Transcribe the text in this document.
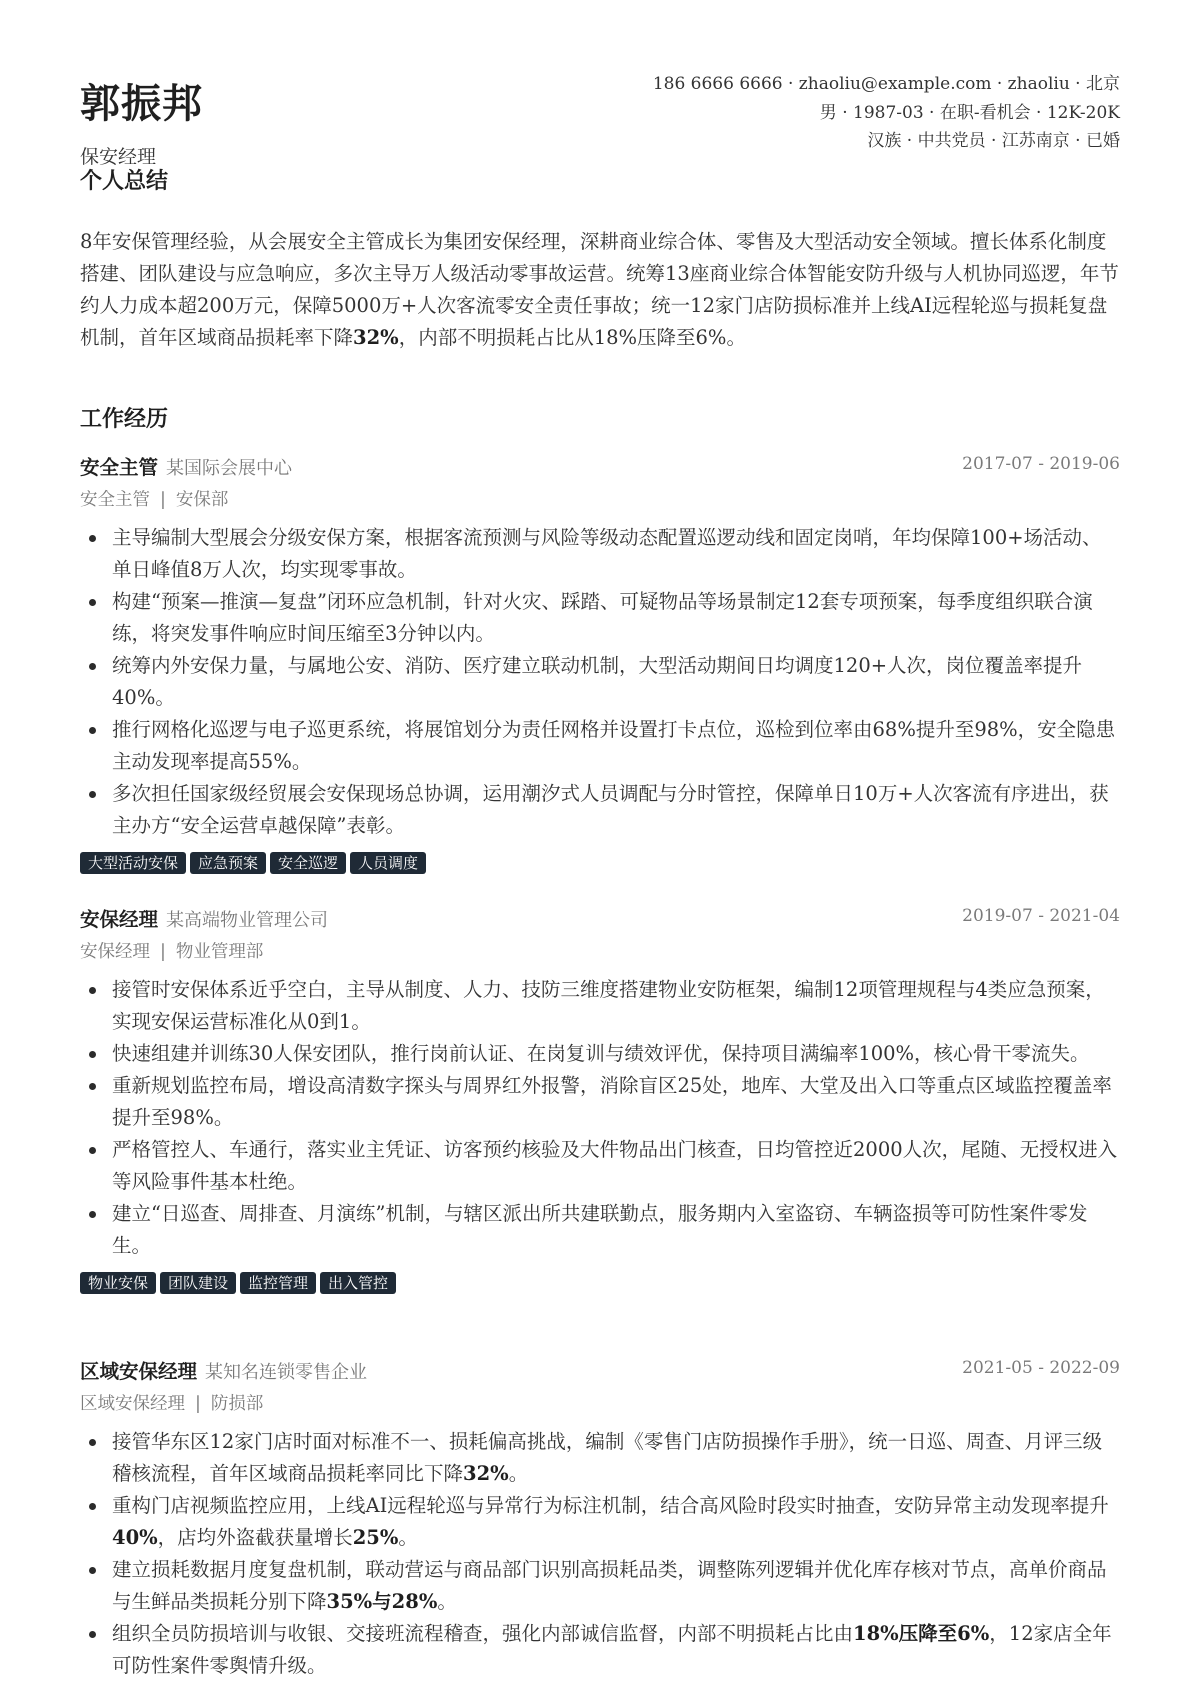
郭振邦
保安经理
186 6666 6666 · zhaoliu@example.com · zhaoliu · 北京
男 · 1987-03 · 在职-看机会 · 12K-20K
汉族 · 中共党员 · 江苏南京 · 已婚
个人总结
8年安保管理经验，从会展安全主管成长为集团安保经理，深耕商业综合体、零售及大型活动安全领域。擅长体系化制度搭建、团队建设与应急响应，多次主导万人级活动零事故运营。统筹13座商业综合体智能安防升级与人机协同巡逻，年节约人力成本超200万元，保障5000万+人次客流零安全责任事故；统一12家门店防损标准并上线AI远程轮巡与损耗复盘机制，首年区域商品损耗率下降32%，内部不明损耗占比从18%压降至6%。
工作经历
安全主管 某国际会展中心	2017-07 - 2019-06
安全主管 | 安保部
主导编制大型展会分级安保方案，根据客流预测与风险等级动态配置巡逻动线和固定岗哨，年均保障100+场活动、单日峰值8万人次，均实现零事故。
构建“预案—推演—复盘”闭环应急机制，针对火灾、踩踏、可疑物品等场景制定12套专项预案，每季度组织联合演练，将突发事件响应时间压缩至3分钟以内。
统筹内外安保力量，与属地公安、消防、医疗建立联动机制，大型活动期间日均调度120+人次，岗位覆盖率提升40%。
推行网格化巡逻与电子巡更系统，将展馆划分为责任网格并设置打卡点位，巡检到位率由68%提升至98%，安全隐患主动发现率提高55%。
多次担任国家级经贸展会安保现场总协调，运用潮汐式人员调配与分时管控，保障单日10万+人次客流有序进出，获主办方“安全运营卓越保障”表彰。
大型活动安保 应急预案 安全巡逻 人员调度
安保经理 某高端物业管理公司	2019-07 - 2021-04
安保经理 | 物业管理部
接管时安保体系近乎空白，主导从制度、人力、技防三维度搭建物业安防框架，编制12项管理规程与4类应急预案，实现安保运营标准化从0到1。
快速组建并训练30人保安团队，推行岗前认证、在岗复训与绩效评优，保持项目满编率100%，核心骨干零流失。
重新规划监控布局，增设高清数字探头与周界红外报警，消除盲区25处，地库、大堂及出入口等重点区域监控覆盖率提升至98%。
严格管控人、车通行，落实业主凭证、访客预约核验及大件物品出门核查，日均管控近2000人次，尾随、无授权进入等风险事件基本杜绝。
建立“日巡查、周排查、月演练”机制，与辖区派出所共建联勤点，服务期内入室盗窃、车辆盗损等可防性案件零发生。
物业安保 团队建设 监控管理 出入管控
区域安保经理 某知名连锁零售企业	2021-05 - 2022-09
区域安保经理 | 防损部
接管华东区12家门店时面对标准不一、损耗偏高挑战，编制《零售门店防损操作手册》，统一日巡、周查、月评三级稽核流程，首年区域商品损耗率同比下降32%。
重构门店视频监控应用，上线AI远程轮巡与异常行为标注机制，结合高风险时段实时抽查，安防异常主动发现率提升40%，店均外盗截获量增长25%。
建立损耗数据月度复盘机制，联动营运与商品部门识别高损耗品类，调整陈列逻辑并优化库存核对节点，高单价商品与生鲜品类损耗分别下降35%与28%。
组织全员防损培训与收银、交接班流程稽查，强化内部诚信监督，内部不明损耗占比由18%压降至6%，12家店全年可防性案件零舆情升级。
